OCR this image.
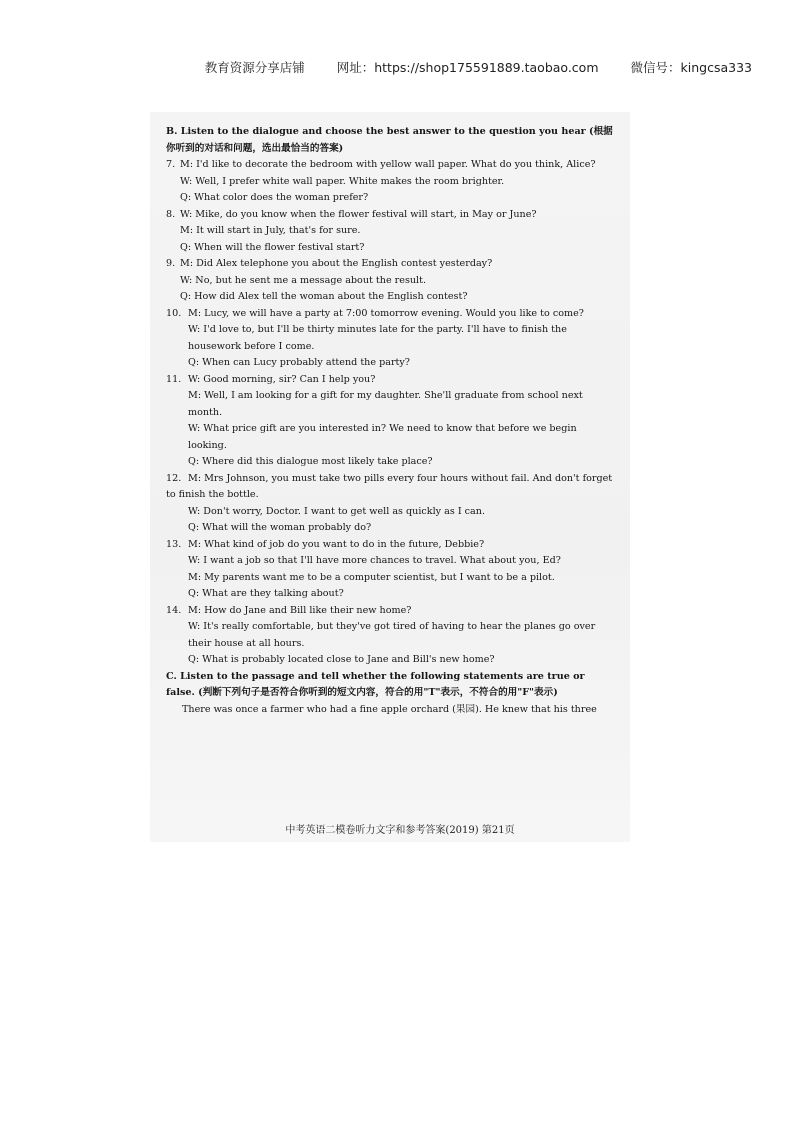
教育资源分享店铺	网址：https://shop175591889.taobao.com	微信号：kingcsa333

B. Listen to the dialogue and choose the best answer to the question you hear (根据你听到的对话和问题，选出最恰当的答案)

7. M: I'd like to decorate the bedroom with yellow wall paper. What do you think, Alice?

W: Well, I prefer white wall paper. White makes the room brighter.

Q: What color does the woman prefer?

8. W: Mike, do you know when the flower festival will start, in May or June?

M: It will start in July, that's for sure.

Q: When will the flower festival start?

9. M: Did Alex telephone you about the English contest yesterday?

W: No, but he sent me a message about the result.

Q: How did Alex tell the woman about the English contest?

10. M: Lucy, we will have a party at 7:00 tomorrow evening. Would you like to come?

W: I'd love to, but I'll be thirty minutes late for the party. I'll have to finish the housework before I come.

Q: When can Lucy probably attend the party?

11. W: Good morning, sir? Can I help you?

M: Well, I am looking for a gift for my daughter. She'll graduate from school next month.

W: What price gift are you interested in? We need to know that before we begin looking.

Q: Where did this dialogue most likely take place?

12. M: Mrs Johnson, you must take two pills every four hours without fail. And don't forget to finish the bottle.

W: Don't worry, Doctor. I want to get well as quickly as I can.

Q: What will the woman probably do?

13. M: What kind of job do you want to do in the future, Debbie?

W: I want a job so that I'll have more chances to travel. What about you, Ed?

M: My parents want me to be a computer scientist, but I want to be a pilot.

Q: What are they talking about?

14. M: How do Jane and Bill like their new home?

W: It's really comfortable, but they've got tired of having to hear the planes go over their house at all hours.

Q: What is probably located close to Jane and Bill's new home?

C. Listen to the passage and tell whether the following statements are true or false. (判断下列句子是否符合你听到的短文内容，符合的用"T"表示，不符合的用"F"表示)

There was once a farmer who had a fine apple orchard (果园). He knew that his three

中考英语二模卷听力文字和参考答案(2019) 第21页
